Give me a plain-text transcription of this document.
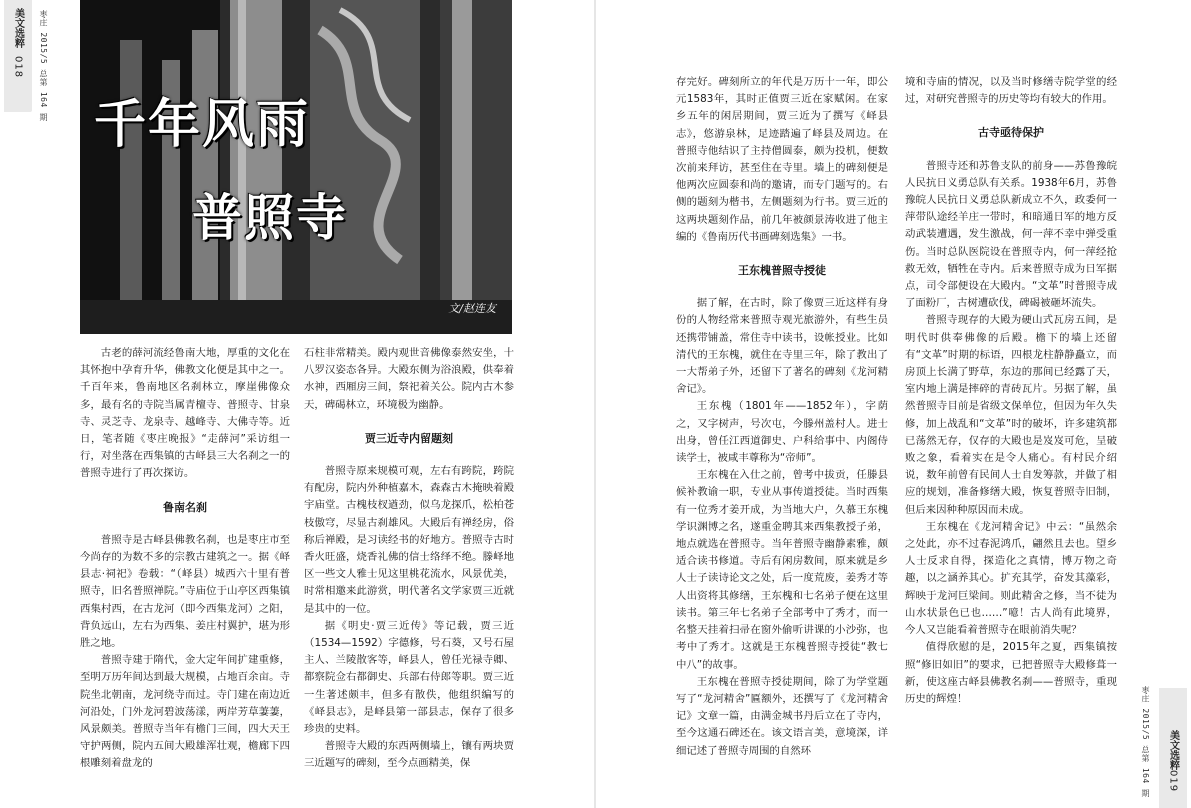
美文选粹
018 枣庄 2015/5 总第 164 期
千年风雨
普照寺
文/赵连友

古老的薛河流经鲁南大地，厚重的文化在其怀抱中孕育升华，佛教文化便是其中之一。千百年来，鲁南地区名刹林立，摩崖佛像众多，最有名的寺院当属青檀寺、普照寺、甘泉寺、灵芝寺、龙泉寺、越峰寺、大佛寺等。近日，笔者随《枣庄晚报》“走薛河”采访组一行，对坐落在西集镇的古峄县三大名刹之一的普照寺进行了再次探访。

鲁南名刹

普照寺是古峄县佛教名刹，也是枣庄市至今尚存的为数不多的宗教古建筑之一。据《峄县志·祠祀》卷载：“（峄县）城西六十里有普照寺，旧名普照禅院。”寺庙位于山亭区西集镇西集村西，在古龙河（即今西集龙河）之阳，背负远山，左右为西集、姜庄村翼护，堪为形胜之地。

普照寺建于隋代，金大定年间扩建重修，至明万历年间达到最大规模，占地百余亩。寺院坐北朝南，龙河绕寺而过。寺门建在南边近河沿处，门外龙河碧波荡漾，两岸芳草萋萋，风景颇美。普照寺当年有檐门三间，四大天王守护两侧，院内五间大殿雄浑壮观，檐廊下四根雕刻着盘龙的

石柱非常精美。殿内观世音佛像泰然安坐，十八罗汉姿态各异。大殿东侧为浴浪殿，供奉着水神，西厢房三间，祭祀着关公。院内古木参天，碑碣林立，环境极为幽静。

贾三近寺内留题刻

普照寺原来规模可观，左右有跨院，跨院有配房，院内外种植嘉木，森森古木掩映着殿宇庙堂。古槐枝杈遒劲，似乌龙探爪，松柏苍枝傲穹，尽显古刹雄风。大殿后有禅经房，俗称后禅殿，是习读经书的好地方。普照寺古时香火旺盛，烧香礼佛的信士络绎不绝。滕峄地区一些文人雅士见这里桃花流水，风景优美，时常相邀来此游赏，明代著名文学家贾三近就是其中的一位。

据《明史·贾三近传》等记载，贾三近（1534—1592）字德修，号石葵，又号石屋主人、兰陵散客等，峄县人，曾任光禄寺卿、都察院佥右都御史、兵部右侍郎等职。贾三近一生著述颇丰，但多有散佚，他组织编写的《峄县志》，是峄县第一部县志，保存了很多珍贵的史料。

普照寺大殿的东西两侧墙上，镶有两块贾三近题写的碑刻，至今点画精美，保

存完好。碑刻所立的年代是万历十一年，即公元1583年，其时正值贾三近在家赋闲。在家乡五年的闲居期间，贾三近为了撰写《峄县志》，悠游泉林，足迹踏遍了峄县及周边。在普照寺他结识了主持僧圆泰，颇为投机，便数次前来拜访，甚至住在寺里。墙上的碑刻便是他两次应圆泰和尚的邀请，而专门题写的。右侧的题刻为楷书，左侧题刻为行书。贾三近的这两块题刻作品，前几年被颜景涛收进了他主编的《鲁南历代书画碑刻选集》一书。

王东槐普照寺授徒

据了解，在古时，除了像贾三近这样有身份的人物经常来普照寺观光旅游外，有些生员还携带铺盖，常住寺中读书，设帐授业。比如清代的王东槐，就住在寺里三年，除了教出了一大帮弟子外，还留下了著名的碑刻《龙河精舍记》。

王东槐（1801年——1852年），字荫之，又字树声，号次屯，今滕州盖村人。进士出身，曾任江西道御史、户科给事中、内阁侍读学士，被咸丰尊称为“帝师”。

王东槐在入仕之前，曾考中拔贡，任滕县候补教谕一职，专业从事传道授徒。当时西集有一位秀才姜开成，为当地大户，久慕王东槐学识渊博之名，遂重金聘其来西集教授子弟，地点就选在普照寺。当年普照寺幽静素雅，颇适合读书修道。寺后有闲房数间，原来就是乡人士子读诗论文之处，后一度荒废，姜秀才等人出资将其修缮，王东槐和七名弟子便在这里读书。第三年七名弟子全部考中了秀才，而一名整天挂着扫帚在窗外偷听讲课的小沙弥，也考中了秀才。这就是王东槐普照寺授徒“教七中八”的故事。

王东槐在普照寺授徒期间，除了为学堂题写了“龙河精舍”匾额外，还撰写了《龙河精舍记》文章一篇，由满金城书丹后立在了寺内，至今这通石碑还在。该文语言美，意境深，详细记述了普照寺周围的自然环

境和寺庙的情况，以及当时修缮寺院学堂的经过，对研究普照寺的历史等均有较大的作用。

古寺亟待保护

普照寺还和苏鲁支队的前身——苏鲁豫皖人民抗日义勇总队有关系。1938年6月，苏鲁豫皖人民抗日义勇总队新成立不久，政委何一萍带队途经羊庄一带时，和暗通日军的地方反动武装遭遇，发生激战，何一萍不幸中弹受重伤。当时总队医院设在普照寺内，何一萍经抢救无效，牺牲在寺内。后来普照寺成为日军据点，司令部便设在大殿内。“文革”时普照寺成了面粉厂，古树遭砍伐，碑碣被砸坏流失。

普照寺现存的大殿为硬山式瓦房五间，是明代时供奉佛像的后殿。檐下的墙上还留有“文革”时期的标语，四根龙柱静静矗立，而房顶上长满了野草，东边的那间已经露了天，室内地上满是摔碎的青砖瓦片。另据了解，虽然普照寺目前是省级文保单位，但因为年久失修，加上战乱和“文革”时的破坏，许多建筑都已荡然无存，仅存的大殿也是岌岌可危，呈破败之象，看着实在是令人痛心。有村民介绍说，数年前曾有民间人士自发筹款，并做了相应的规划，准备修缮大殿，恢复普照寺旧制，但后来因种种原因而未成。

王东槐在《龙河精舍记》中云：“虽然余之处此，亦不过春泥鸿爪，翩然且去也。望乡人士反求自得，探造化之真情，博万物之奇趣，以之涵养其心。扩充其学，奋发其藻彩，辉映于龙河巨梁间。则此精舍之修，当不徒为山水状景色已也……”噫！古人尚有此境界，今人又岂能看着普照寺在眼前消失呢？

值得欣慰的是，2015年之夏，西集镇按照“修旧如旧”的要求，已把普照寺大殿修葺一新，使这座古峄县佛教名刹——普照寺，重现历史的辉煌！	枣庄 2015/5 总第 164 期 美文选粹
019
